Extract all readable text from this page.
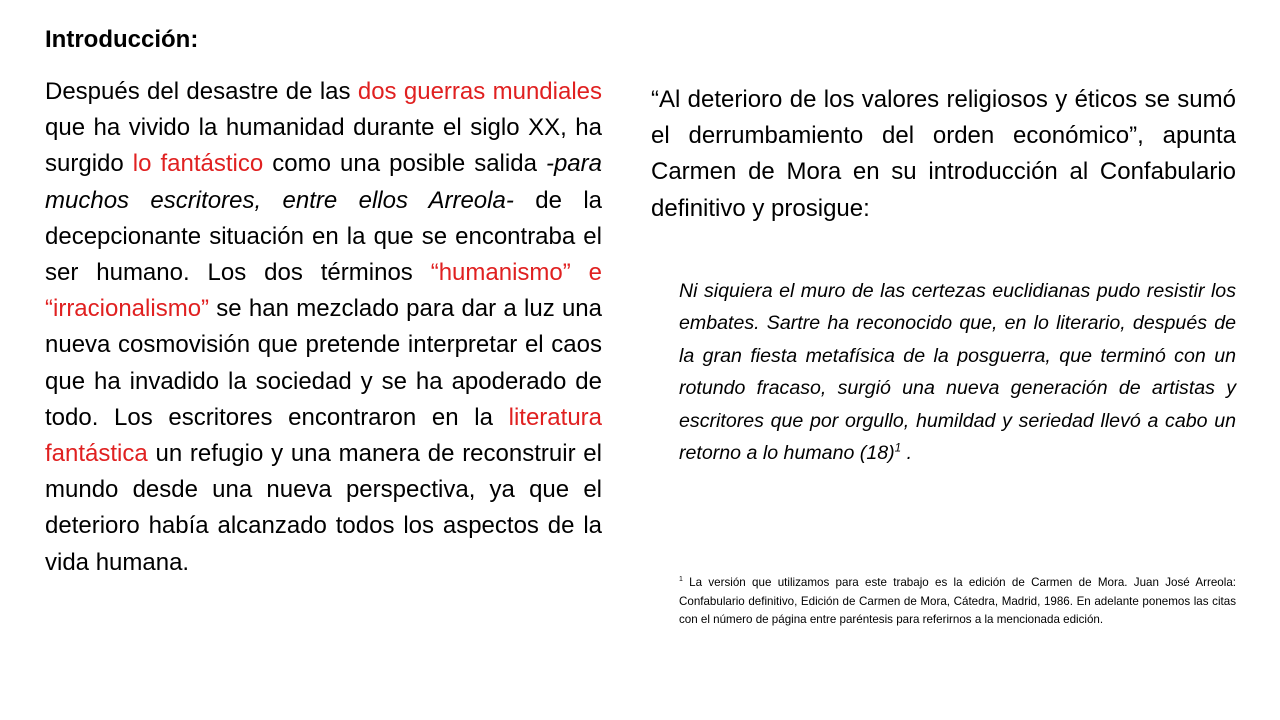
Introducción:

Después del desastre de las dos guerras mundiales que ha vivido la humanidad durante el siglo XX, ha surgido lo fantástico como una posible salida -para muchos escritores, entre ellos Arreola- de la decepcionante situación en la que se encontraba el ser humano. Los dos términos “humanismo” e “irracionalismo” se han mezclado para dar a luz una nueva cosmovisión que pretende interpretar el caos que ha invadido la sociedad y se ha apoderado de todo. Los escritores encontraron en la literatura fantástica un refugio y una manera de reconstruir el mundo desde una nueva perspectiva, ya que el deterioro había alcanzado todos los aspectos de la vida humana.

“Al deterioro de los valores religiosos y éticos se sumó el derrumbamiento del orden económico”, apunta Carmen de Mora en su introducción al Confabulario definitivo y prosigue:

Ni siquiera el muro de las certezas euclidianas pudo resistir los embates. Sartre ha reconocido que, en lo literario, después de la gran fiesta metafísica de la posguerra, que terminó con un rotundo fracaso, surgió una nueva generación de artistas y escritores que por orgullo, humildad y seriedad llevó a cabo un retorno a lo humano $(18)^1$ .

$^1$ La versión que utilizamos para este trabajo es la edición de Carmen de Mora. Juan José Arreola: Confabulario definitivo, Edición de Carmen de Mora, Cátedra, Madrid, 1986. En adelante ponemos las citas con el número de página entre paréntesis para referirnos a la mencionada edición.
